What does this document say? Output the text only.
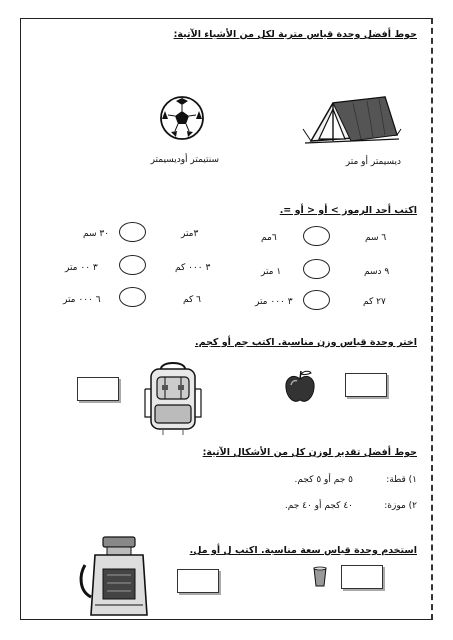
حوط أفضل وحدة قياس مترية لكل من الأشياء الآتية:
ديسيمتر أو متر
سنتيمتر أوديسيمتر
اكتب أحد الرموز > أو < أو =.
٦ سم
٦مم
٩ دسم
١ متر
٢٧ كم
٣ ٠٠٠ متر
٣متر
٣٠ سم
٣ ٠٠٠ كم
٣ ٠٠ متر
٦ كم
٦ ٠٠٠ متر
اختر وحدة قياس وزن مناسبة. اكتب جم أو كجم.
حوط أفضل تقدير لوزن كل من الأشكال الآتية:
١) قطة:
٥ جم أو ٥ كجم.
٢) موزة:
٤٠ كجم أو ٤٠ جم.
استخدم وحدة قياس سعة مناسبة. اكتب ل أو مل.
